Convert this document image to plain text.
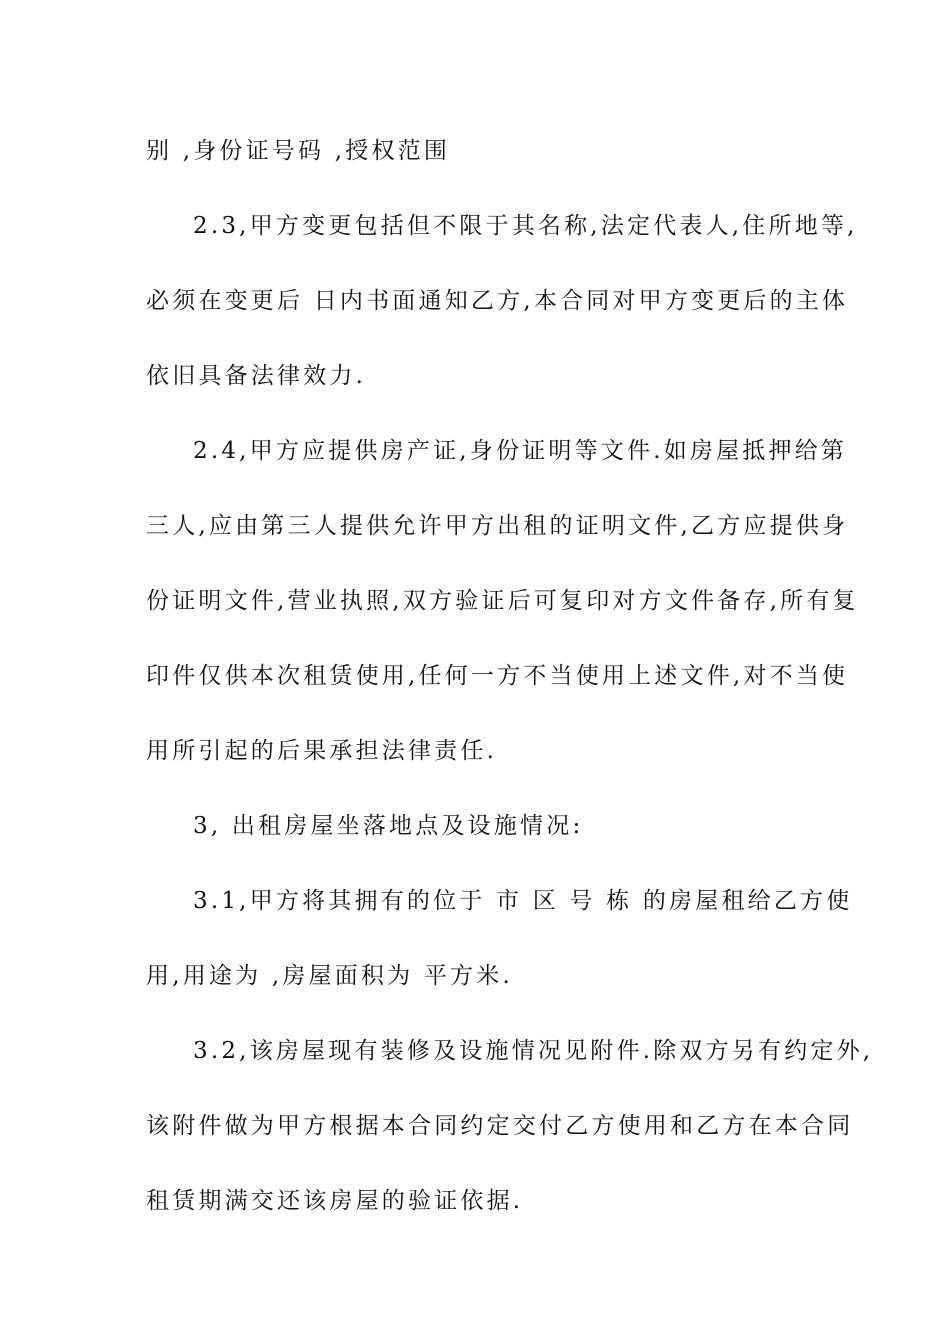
别 ,身份证号码 ,授权范围
2.3,甲方变更包括但不限于其名称,法定代表人,住所地等,
必须在变更后 日内书面通知乙方,本合同对甲方变更后的主体
依旧具备法律效力.
2.4,甲方应提供房产证,身份证明等文件.如房屋抵押给第
三人,应由第三人提供允许甲方出租的证明文件,乙方应提供身
份证明文件,营业执照,双方验证后可复印对方文件备存,所有复
印件仅供本次租赁使用,任何一方不当使用上述文件,对不当使
用所引起的后果承担法律责任.
3, 出租房屋坐落地点及设施情况:
3.1,甲方将其拥有的位于 市 区 号 栋 的房屋租给乙方使
用,用途为 ,房屋面积为 平方米.
3.2,该房屋现有装修及设施情况见附件.除双方另有约定外,
该附件做为甲方根据本合同约定交付乙方使用和乙方在本合同
租赁期满交还该房屋的验证依据.
